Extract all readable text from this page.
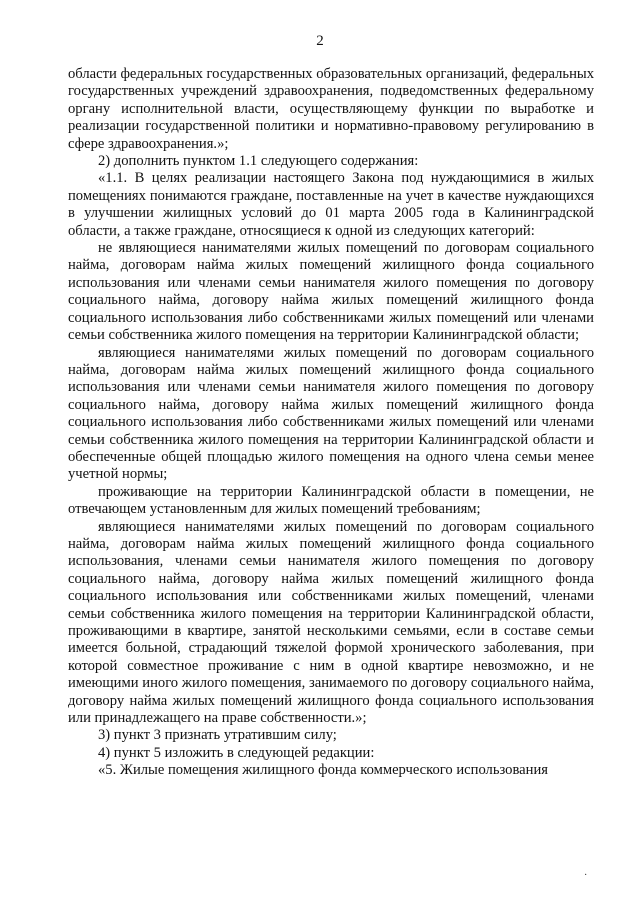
2

области федеральных государственных образовательных организаций, федеральных государственных учреждений здравоохранения, подведомственных федеральному органу исполнительной власти, осуществляющему функции по выработке и реализации государственной политики и нормативно-правовому регулированию в сфере здравоохранения.»;

2) дополнить пунктом 1.1 следующего содержания:

«1.1. В целях реализации настоящего Закона под нуждающимися в жилых помещениях понимаются граждане, поставленные на учет в качестве нуждающихся в улучшении жилищных условий до 01 марта 2005 года в Калининградской области, а также граждане, относящиеся к одной из следующих категорий:

не являющиеся нанимателями жилых помещений по договорам социального найма, договорам найма жилых помещений жилищного фонда социального использования или членами семьи нанимателя жилого помещения по договору социального найма, договору найма жилых помещений жилищного фонда социального использования либо собственниками жилых помещений или членами семьи собственника жилого помещения на территории Калининградской области;

являющиеся нанимателями жилых помещений по договорам социального найма, договорам найма жилых помещений жилищного фонда социального использования или членами семьи нанимателя жилого помещения по договору социального найма, договору найма жилых помещений жилищного фонда социального использования либо собственниками жилых помещений или членами семьи собственника жилого помещения на территории Калининградской области и обеспеченные общей площадью жилого помещения на одного члена семьи менее учетной нормы;

проживающие на территории Калининградской области в помещении, не отвечающем установленным для жилых помещений требованиям;

являющиеся нанимателями жилых помещений по договорам социального найма, договорам найма жилых помещений жилищного фонда социального использования, членами семьи нанимателя жилого помещения по договору социального найма, договору найма жилых помещений жилищного фонда социального использования или собственниками жилых помещений, членами семьи собственника жилого помещения на территории Калининградской области, проживающими в квартире, занятой несколькими семьями, если в составе семьи имеется больной, страдающий тяжелой формой хронического заболевания, при которой совместное проживание с ним в одной квартире невозможно, и не имеющими иного жилого помещения, занимаемого по договору социального найма, договору найма жилых помещений жилищного фонда социального использования или принадлежащего на праве собственности.»;

3) пункт 3 признать утратившим силу;

4) пункт 5 изложить в следующей редакции:

«5. Жилые помещения жилищного фонда коммерческого использования

·
